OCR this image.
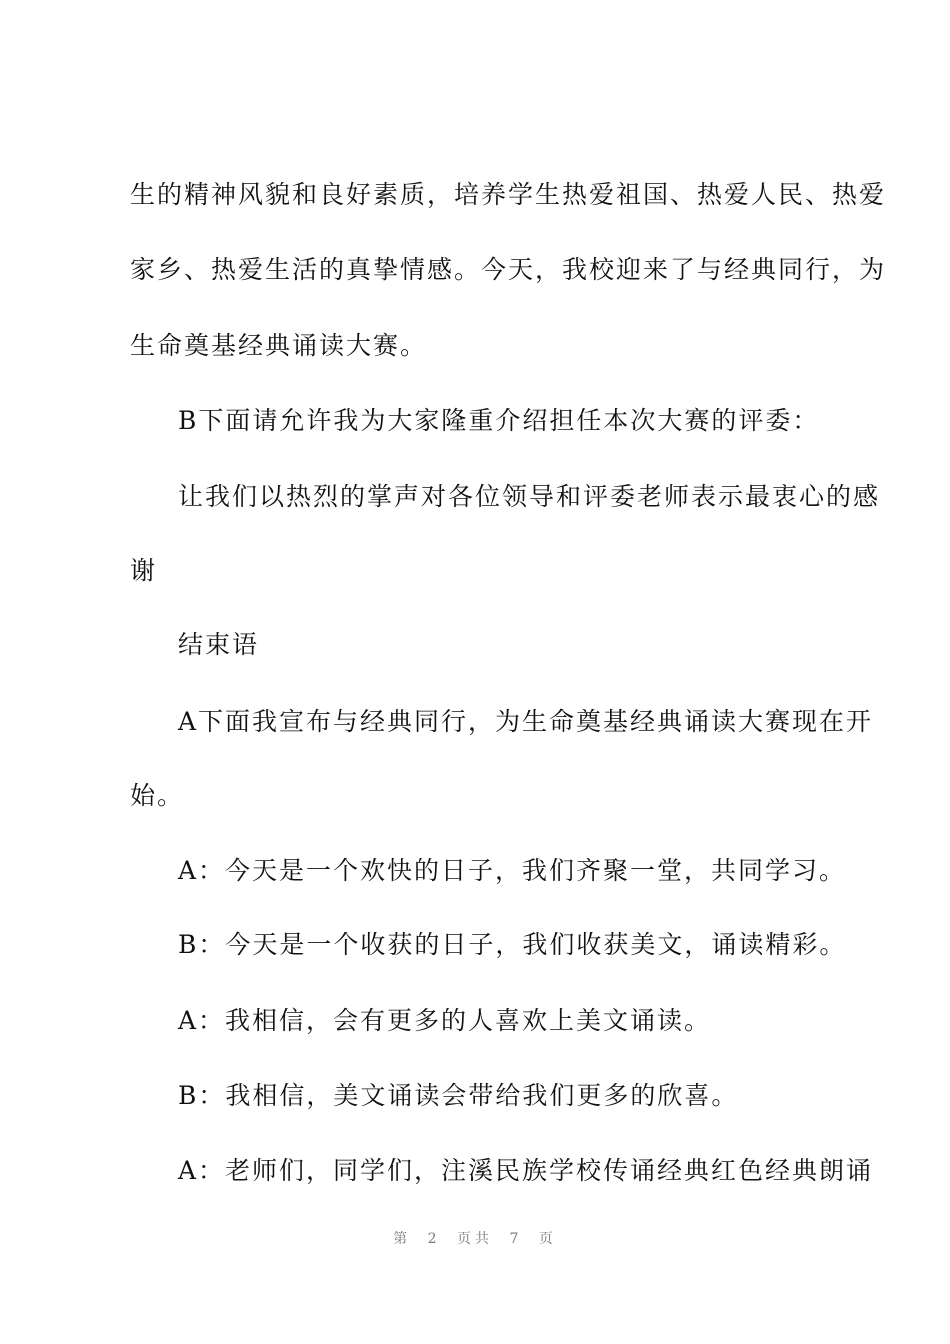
生的精神风貌和良好素质，培养学生热爱祖国、热爱人民、热爱
家乡、热爱生活的真挚情感。今天，我校迎来了与经典同行，为
生命奠基经典诵读大赛。
B下面请允许我为大家隆重介绍担任本次大赛的评委：
让我们以热烈的掌声对各位领导和评委老师表示最衷心的感
谢
结束语
A下面我宣布与经典同行，为生命奠基经典诵读大赛现在开
始。
A：今天是一个欢快的日子，我们齐聚一堂，共同学习。
B：今天是一个收获的日子，我们收获美文，诵读精彩。
A：我相信，会有更多的人喜欢上美文诵读。
B：我相信，美文诵读会带给我们更多的欣喜。
A：老师们，同学们，注溪民族学校传诵经典红色经典朗诵
第 2 页共 7 页
